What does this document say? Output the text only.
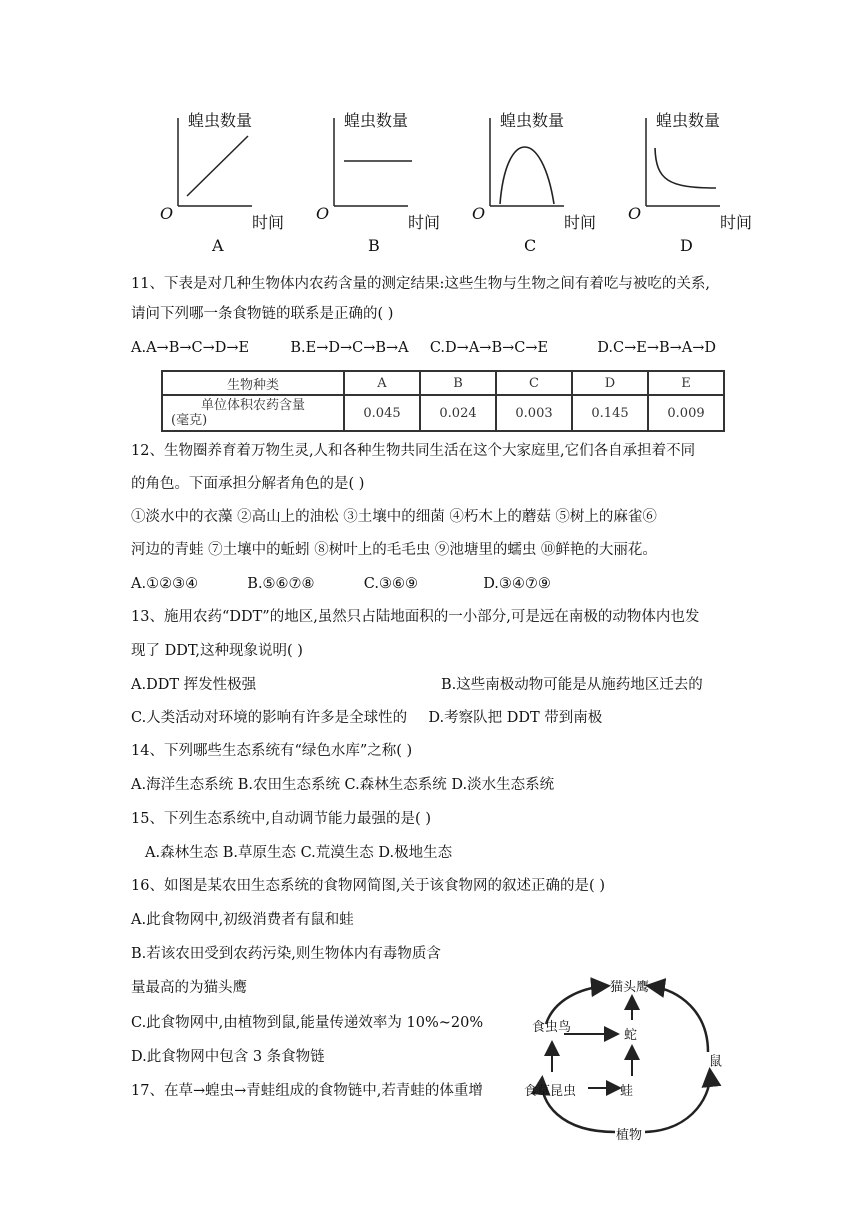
蝗虫数量
O	时间
A
蝗虫数量
O	时间
B
蝗虫数量
O	时间
C
蝗虫数量
O	时间
D
11、下表是对几种生物体内农药含量的测定结果:这些生物与生物之间有着吃与被吃的关系,
请问下列哪一条食物链的联系是正确的( )
A.A→B→C→D→E	B.E→D→C→B→A C.D→A→B→C→E	D.C→E→B→A→D
生物种类	A	B	C	D	E

单位体积农药含量
(毫克)	0.045	0.024	0.003	0.145	0.009
12、生物圈养育着万物生灵,人和各种生物共同生活在这个大家庭里,它们各自承担着不同
的角色。下面承担分解者角色的是( )
①淡水中的衣藻 ②高山上的油松 ③土壤中的细菌 ④朽木上的蘑菇 ⑤树上的麻雀⑥
河边的青蛙 ⑦土壤中的蚯蚓 ⑧树叶上的毛毛虫 ⑨池塘里的蠕虫 ⑩鲜艳的大丽花。
A.①②③④	B.⑤⑥⑦⑧	C.③⑥⑨	D.③④⑦⑨
13、施用农药“DDT”的地区,虽然只占陆地面积的一小部分,可是远在南极的动物体内也发
现了 DDT,这种现象说明( )
A.DDT 挥发性极强	B.这些南极动物可能是从施药地区迁去的
C.人类活动对环境的影响有许多是全球性的 D.考察队把 DDT 带到南极
14、下列哪些生态系统有“绿色水库”之称( )
A.海洋生态系统 B.农田生态系统 C.森林生态系统 D.淡水生态系统
15、下列生态系统中,自动调节能力最强的是( )
A.森林生态 B.草原生态 C.荒漠生态 D.极地生态
16、如图是某农田生态系统的食物网简图,关于该食物网的叙述正确的是( )
A.此食物网中,初级消费者有鼠和蛙
B.若该农田受到农药污染,则生物体内有毒物质含
量最高的为猫头鹰
C.此食物网中,由植物到鼠,能量传递效率为 10%~20%
D.此食物网中包含 3 条食物链
17、在草→蝗虫→青蛙组成的食物链中,若青蛙的体重增
猫头鹰
食虫鸟
蛇
鼠
食草昆虫	蛙
植物
